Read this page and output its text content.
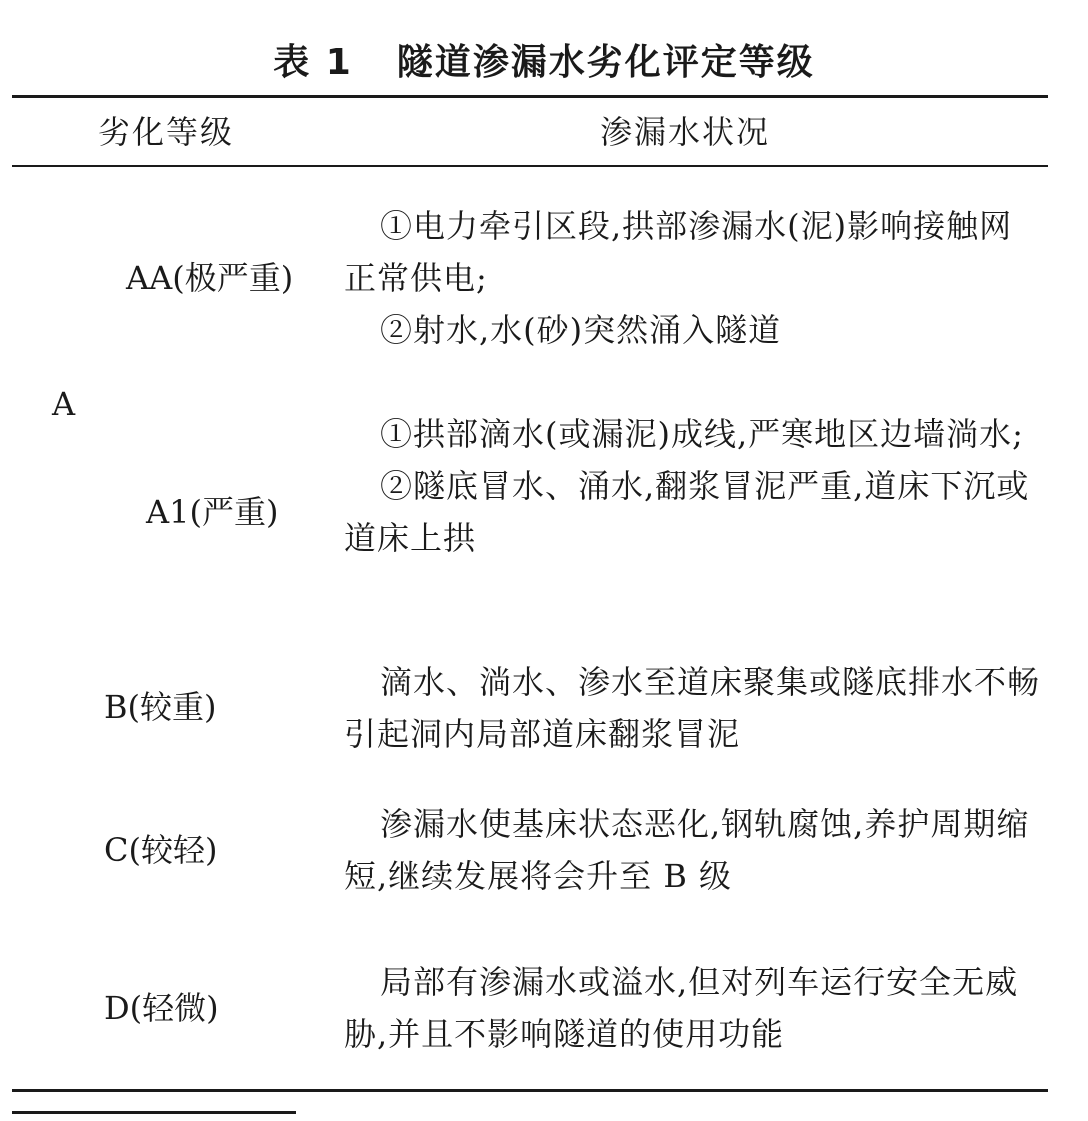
表 1 隧道渗漏水劣化评定等级
劣化等级	渗漏水状况
A
AA(极严重)

①电力牵引区段,拱部渗漏水(泥)影响接触网正常供电;

②射水,水(砂)突然涌入隧道

A1(严重)

①拱部滴水(或漏泥)成线,严寒地区边墙淌水;

②隧底冒水、涌水,翻浆冒泥严重,道床下沉或道床上拱

B(较重)

滴水、淌水、渗水至道床聚集或隧底排水不畅引起洞内局部道床翻浆冒泥

C(较轻)

渗漏水使基床状态恶化,钢轨腐蚀,养护周期缩短,继续发展将会升至 B 级

D(轻微)

局部有渗漏水或溢水,但对列车运行安全无威胁,并且不影响隧道的使用功能
